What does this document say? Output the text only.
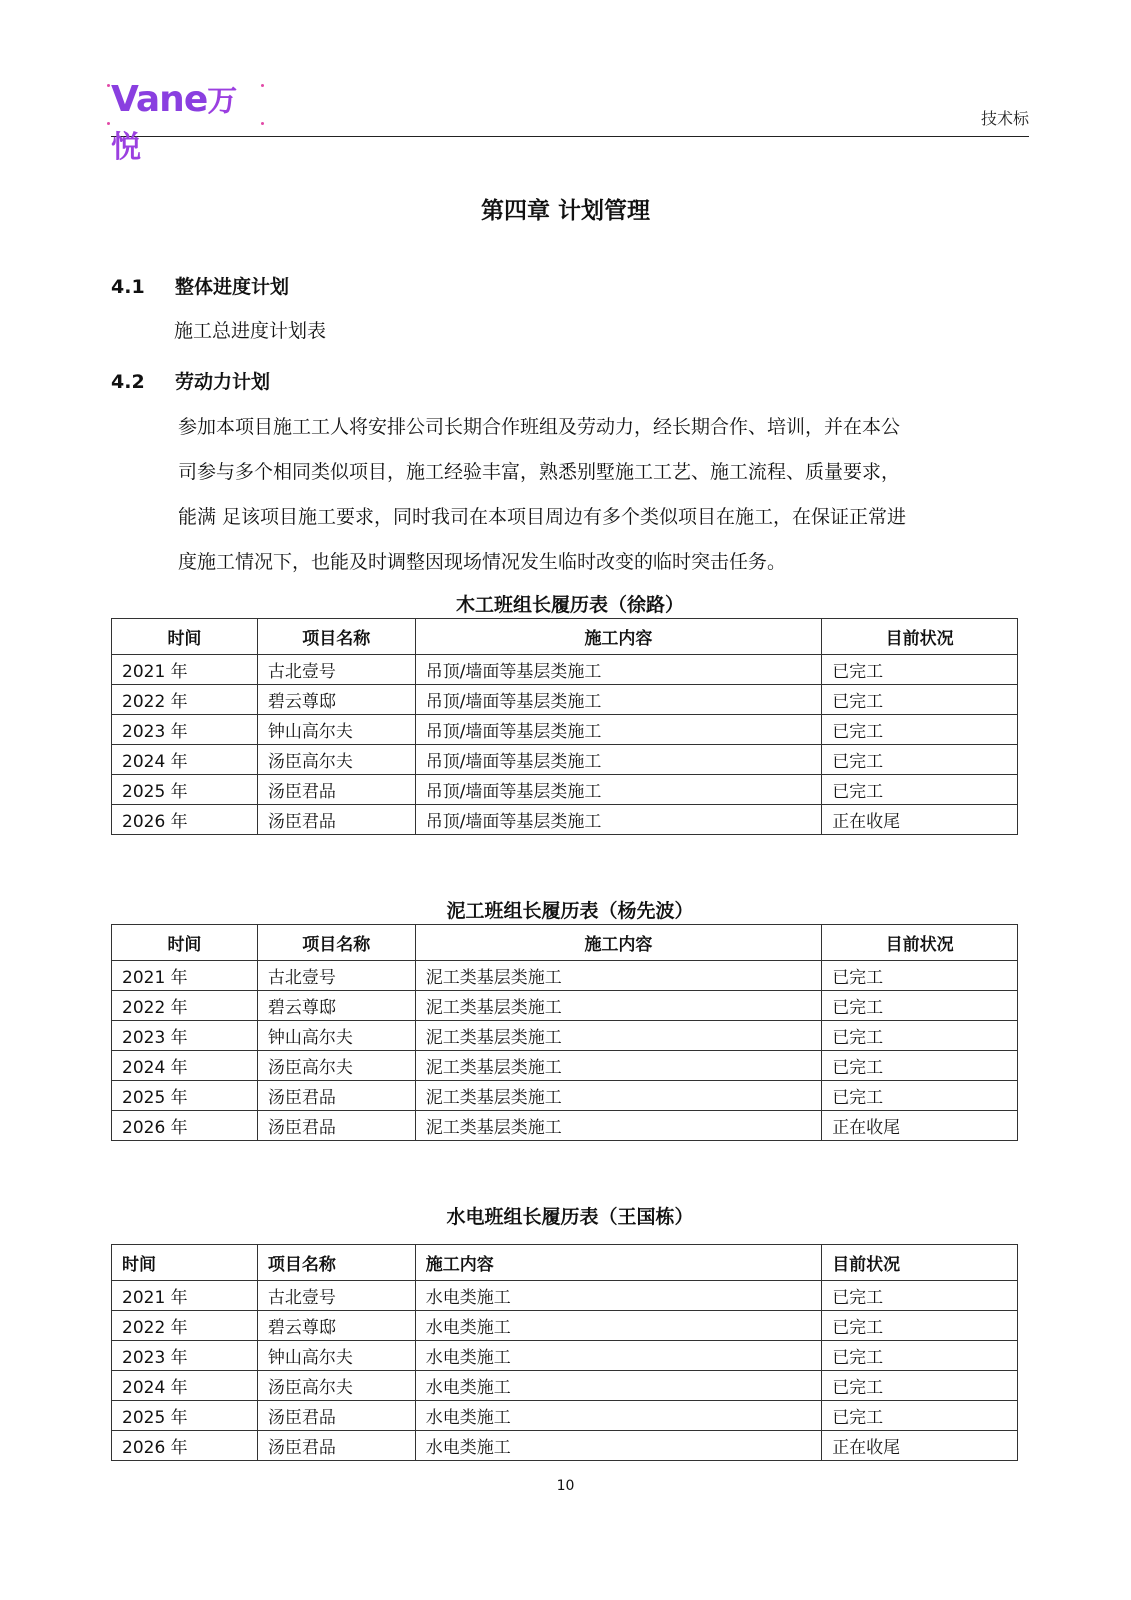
Vane万悦
技术标
第四章 计划管理
4.1 整体进度计划
施工总进度计划表
4.2 劳动力计划

参加本项目施工工人将安排公司长期合作班组及劳动力，经长期合作、培训，并在本公

司参与多个相同类似项目，施工经验丰富，熟悉别墅施工工艺、施工流程、质量要求，

能满 足该项目施工要求，同时我司在本项目周边有多个类似项目在施工，在保证正常进

度施工情况下，也能及时调整因现场情况发生临时改变的临时突击任务。

木工班组长履历表（徐路）
时间	项目名称	施工内容	目前状况
2021 年	古北壹号	吊顶/墙面等基层类施工	已完工
2022 年	碧云尊邸	吊顶/墙面等基层类施工	已完工
2023 年	钟山高尔夫	吊顶/墙面等基层类施工	已完工
2024 年	汤臣高尔夫	吊顶/墙面等基层类施工	已完工
2025 年	汤臣君品	吊顶/墙面等基层类施工	已完工
2026 年	汤臣君品	吊顶/墙面等基层类施工	正在收尾
泥工班组长履历表（杨先波）
时间	项目名称	施工内容	目前状况
2021 年	古北壹号	泥工类基层类施工	已完工
2022 年	碧云尊邸	泥工类基层类施工	已完工
2023 年	钟山高尔夫	泥工类基层类施工	已完工
2024 年	汤臣高尔夫	泥工类基层类施工	已完工
2025 年	汤臣君品	泥工类基层类施工	已完工
2026 年	汤臣君品	泥工类基层类施工	正在收尾
水电班组长履历表（王国栋）
时间	项目名称	施工内容	目前状况
2021 年	古北壹号	水电类施工	已完工
2022 年	碧云尊邸	水电类施工	已完工
2023 年	钟山高尔夫	水电类施工	已完工
2024 年	汤臣高尔夫	水电类施工	已完工
2025 年	汤臣君品	水电类施工	已完工
2026 年	汤臣君品	水电类施工	正在收尾
10
